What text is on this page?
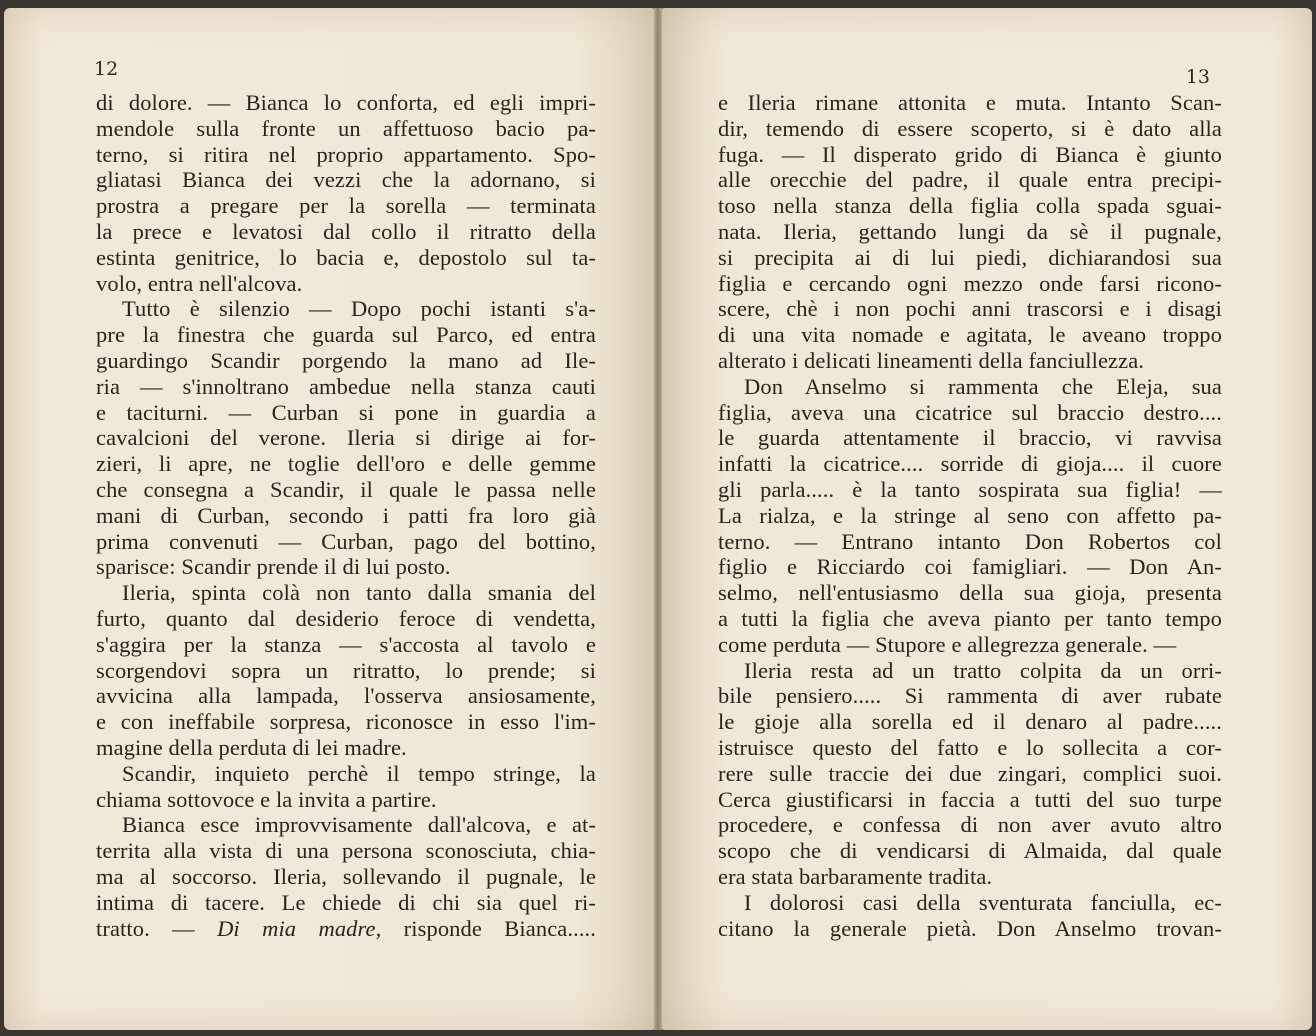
12
di dolore. — Bianca lo conforta, ed egli impri-
mendole sulla fronte un affettuoso bacio pa-
terno, si ritira nel proprio appartamento. Spo-
gliatasi Bianca dei vezzi che la adornano, si
prostra a pregare per la sorella — terminata
la prece e levatosi dal collo il ritratto della
estinta genitrice, lo bacia e, depostolo sul ta-
volo, entra nell'alcova.
Tutto è silenzio — Dopo pochi istanti s'a-
pre la finestra che guarda sul Parco, ed entra
guardingo Scandir porgendo la mano ad Ile-
ria — s'innoltrano ambedue nella stanza cauti
e taciturni. — Curban si pone in guardia a
cavalcioni del verone. Ileria si dirige ai for-
zieri, li apre, ne toglie dell'oro e delle gemme
che consegna a Scandir, il quale le passa nelle
mani di Curban, secondo i patti fra loro già
prima convenuti — Curban, pago del bottino,
sparisce: Scandir prende il di lui posto.
Ileria, spinta colà non tanto dalla smania del
furto, quanto dal desiderio feroce di vendetta,
s'aggira per la stanza — s'accosta al tavolo e
scorgendovi sopra un ritratto, lo prende; si
avvicina alla lampada, l'osserva ansiosamente,
e con ineffabile sorpresa, riconosce in esso l'im-
magine della perduta di lei madre.
Scandir, inquieto perchè il tempo stringe, la
chiama sottovoce e la invita a partire.
Bianca esce improvvisamente dall'alcova, e at-
territa alla vista di una persona sconosciuta, chia-
ma al soccorso. Ileria, sollevando il pugnale, le
intima di tacere. Le chiede di chi sia quel ri-
tratto. — Di mia madre, risponde Bianca.....
13
e Ileria rimane attonita e muta. Intanto Scan-
dir, temendo di essere scoperto, si è dato alla
fuga. — Il disperato grido di Bianca è giunto
alle orecchie del padre, il quale entra precipi-
toso nella stanza della figlia colla spada sguai-
nata. Ileria, gettando lungi da sè il pugnale,
si precipita ai di lui piedi, dichiarandosi sua
figlia e cercando ogni mezzo onde farsi ricono-
scere, chè i non pochi anni trascorsi e i disagi
di una vita nomade e agitata, le aveano troppo
alterato i delicati lineamenti della fanciullezza.
Don Anselmo si rammenta che Eleja, sua
figlia, aveva una cicatrice sul braccio destro....
le guarda attentamente il braccio, vi ravvisa
infatti la cicatrice.... sorride di gioja.... il cuore
gli parla..... è la tanto sospirata sua figlia! —
La rialza, e la stringe al seno con affetto pa-
terno. — Entrano intanto Don Robertos col
figlio e Ricciardo coi famigliari. — Don An-
selmo, nell'entusiasmo della sua gioja, presenta
a tutti la figlia che aveva pianto per tanto tempo
come perduta — Stupore e allegrezza generale. —
Ileria resta ad un tratto colpita da un orri-
bile pensiero..... Si rammenta di aver rubate
le gioje alla sorella ed il denaro al padre.....
istruisce questo del fatto e lo sollecita a cor-
rere sulle traccie dei due zingari, complici suoi.
Cerca giustificarsi in faccia a tutti del suo turpe
procedere, e confessa di non aver avuto altro
scopo che di vendicarsi di Almaida, dal quale
era stata barbaramente tradita.
I dolorosi casi della sventurata fanciulla, ec-
citano la generale pietà. Don Anselmo trovan-
